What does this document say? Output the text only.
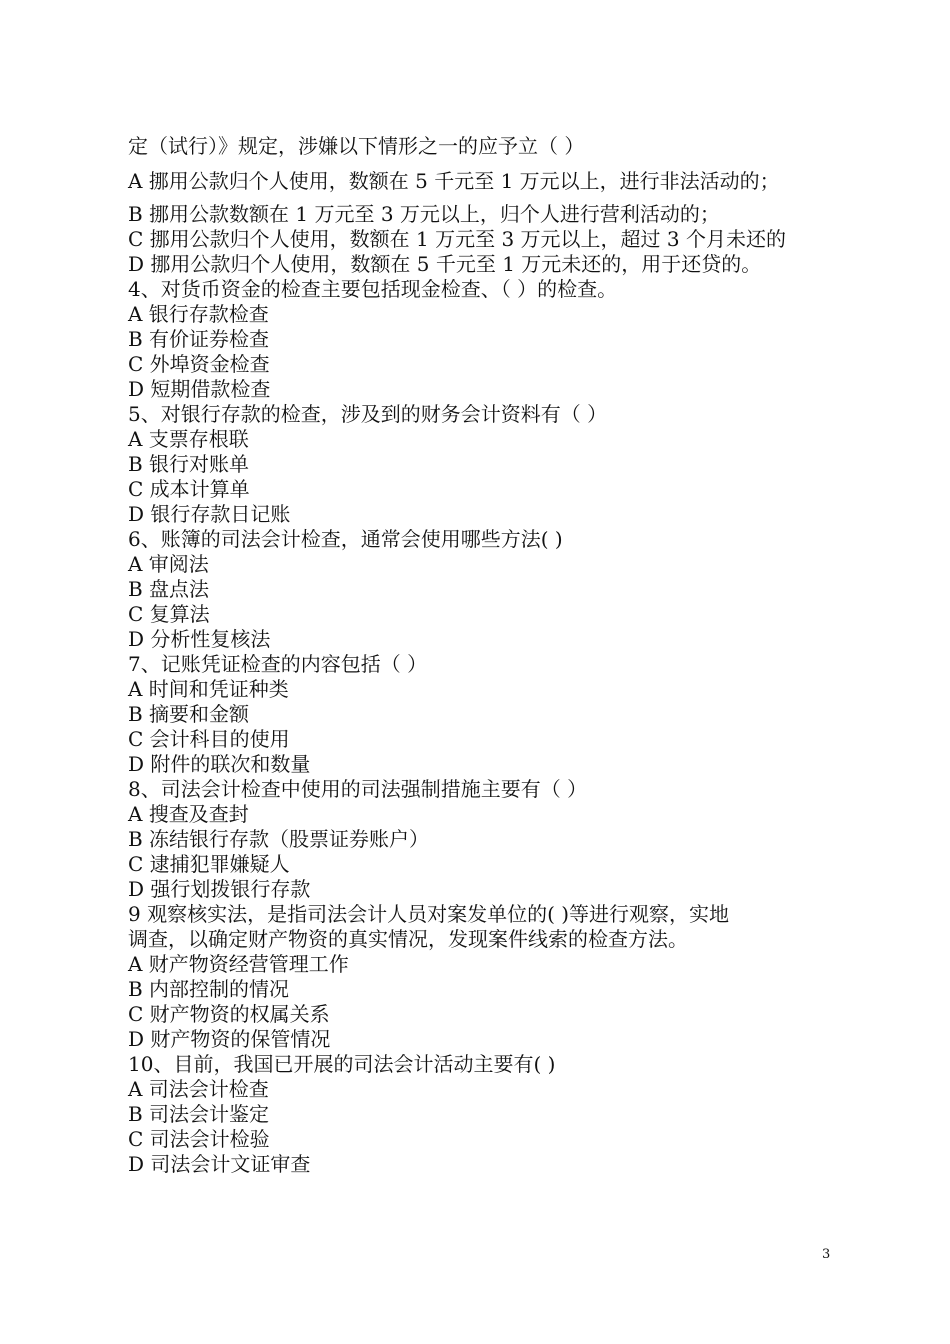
定（试行）》规定，涉嫌以下情形之一的应予立（ ）
A 挪用公款归个人使用，数额在 5 千元至 1 万元以上，进行非法活动的；
B 挪用公款数额在 1 万元至 3 万元以上，归个人进行营利活动的；
C 挪用公款归个人使用，数额在 1 万元至 3 万元以上，超过 3 个月未还的
D 挪用公款归个人使用，数额在 5 千元至 1 万元未还的，用于还贷的。
4、对货币资金的检查主要包括现金检查、（ ）的检查。
A 银行存款检查
B 有价证券检查
C 外埠资金检查
D 短期借款检查
5、对银行存款的检查，涉及到的财务会计资料有（ ）
A 支票存根联
B 银行对账单
C 成本计算单
D 银行存款日记账
6、账簿的司法会计检查，通常会使用哪些方法( )
A 审阅法
B 盘点法
C 复算法
D 分析性复核法
7、记账凭证检查的内容包括（ ）
A 时间和凭证种类
B 摘要和金额
C 会计科目的使用
D 附件的联次和数量
8、司法会计检查中使用的司法强制措施主要有（ ）
A 搜查及查封
B 冻结银行存款（股票证券账户）
C 逮捕犯罪嫌疑人
D 强行划拨银行存款
9 观察核实法，是指司法会计人员对案发单位的( )等进行观察，实地
调查，以确定财产物资的真实情况，发现案件线索的检查方法。
A 财产物资经营管理工作
B 内部控制的情况
C 财产物资的权属关系
D 财产物资的保管情况
10、目前，我国已开展的司法会计活动主要有( )
A 司法会计检查
B 司法会计鉴定
C 司法会计检验
D 司法会计文证审查
3
